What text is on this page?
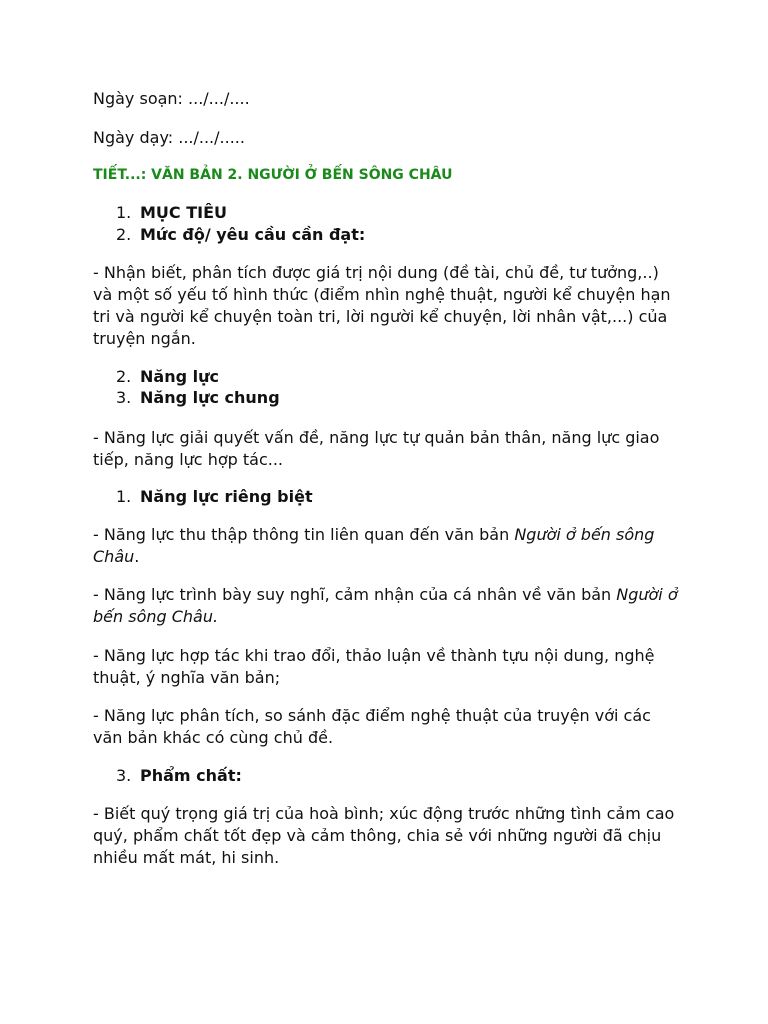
Ngày soạn: .../.../....
Ngày dạy: .../.../.....
TIẾT...: VĂN BẢN 2. NGƯỜI Ở BẾN SÔNG CHÂU
1. MỤC TIÊU
2. Mức độ/ yêu cầu cần đạt:
- Nhận biết, phân tích được giá trị nội dung (đề tài, chủ đề, tư tưởng,..) và một số yếu tố hình thức (điểm nhìn nghệ thuật, người kể chuyện hạn tri và người kể chuyện toàn tri, lời người kể chuyện, lời nhân vật,...) của truyện ngắn.
2. Năng lực
3. Năng lực chung
- Năng lực giải quyết vấn đề, năng lực tự quản bản thân, năng lực giao tiếp, năng lực hợp tác...
1. Năng lực riêng biệt
- Năng lực thu thập thông tin liên quan đến văn bản Người ở bến sông Châu.
- Năng lực trình bày suy nghĩ, cảm nhận của cá nhân về văn bản Người ở bến sông Châu.
- Năng lực hợp tác khi trao đổi, thảo luận về thành tựu nội dung, nghệ thuật, ý nghĩa văn bản;
- Năng lực phân tích, so sánh đặc điểm nghệ thuật của truyện với các văn bản khác có cùng chủ đề.
3. Phẩm chất:
- Biết quý trọng giá trị của hoà bình; xúc động trước những tình cảm cao quý, phẩm chất tốt đẹp và cảm thông, chia sẻ với những người đã chịu nhiều mất mát, hi sinh.
